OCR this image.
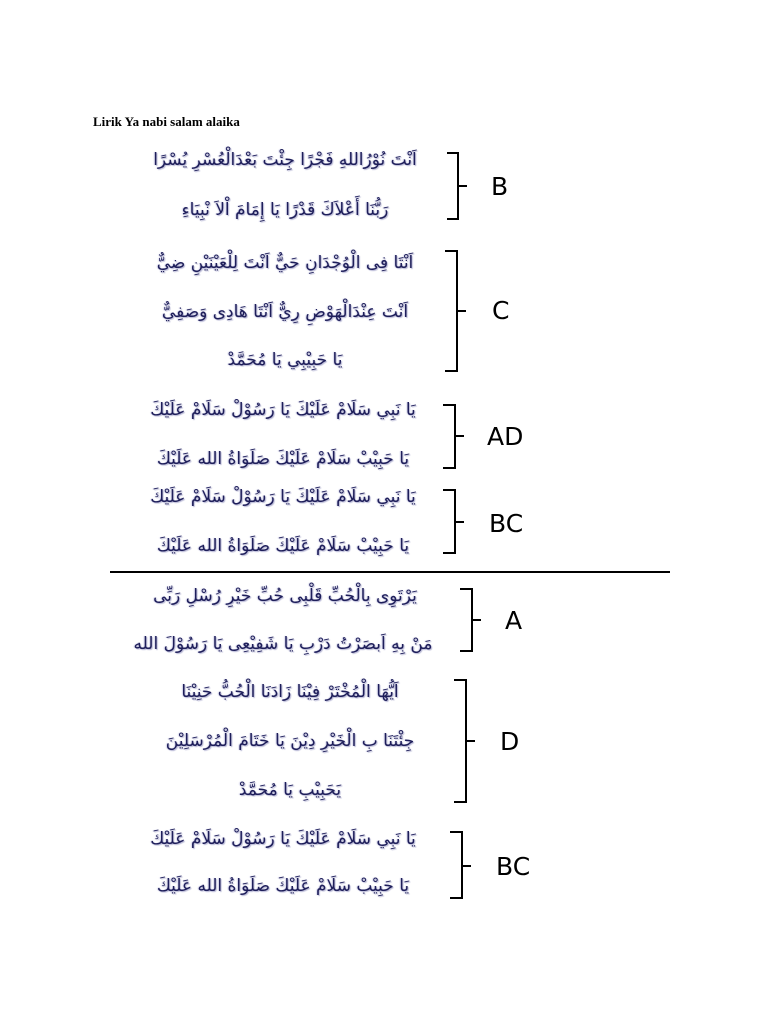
Lirik Ya nabi salam alaika
اَنْتَ نُوْرُاللهِ فَجْرًا جِئْتَ بَعْدَالْعُسْرِ يُسْرًا
رَبُّنَا أَعْلاَكَ قَدْرًا يَا إِمَامَ اْلاَ نْبِيَاءِ
B
اَنْتَا فِى الْوُجْدَانِ حَيٌّ اَنْتَ لِلْعَيْنَيْنِ ضِيٌّ
اَنْتَ عِنْدَالْهَوْضِ رِيٌّ اَنْتَا هَادِى وَصَفِيٌّ
يَا حَبِيْبِي يَا مُحَمَّدْ
C
يَا نَبِي سَلَامْ عَلَيْكَ يَا رَسُوْلْ سَلَامْ عَلَيْكَ
يَا حَبِيْبْ سَلَامْ عَلَيْكَ صَلَوَاةُ الله عَلَيْكَ
AD
يَا نَبِي سَلَامْ عَلَيْكَ يَا رَسُوْلْ سَلَامْ عَلَيْكَ
يَا حَبِيْبْ سَلَامْ عَلَيْكَ صَلَوَاةُ الله عَلَيْكَ
BC
يَرْتَوِى بِالْحُبِّ قَلْبِى حُبِّ خَيْرِ رُسْلِ رَبِّى
مَنْ بِهِ اَبصَرْتُ دَرْبِ يَا شَفِيْعِى يَا رَسُوْلَ الله
A
اَيُّهَا الْمُخْتَرْ فِيْنَا زَادَنَا الْحُبُّ حَنِيْنَا
جِئْتَنَا بِ الْخَيْرِ دِيْنَ يَا خَتَامَ الْمُرْسَلِيْنَ
يَحَبِيْبِ يَا مُحَمَّدْ
D
يَا نَبِي سَلَامْ عَلَيْكَ يَا رَسُوْلْ سَلَامْ عَلَيْكَ
يَا حَبِيْبْ سَلَامْ عَلَيْكَ صَلَوَاةُ الله عَلَيْكَ
BC
